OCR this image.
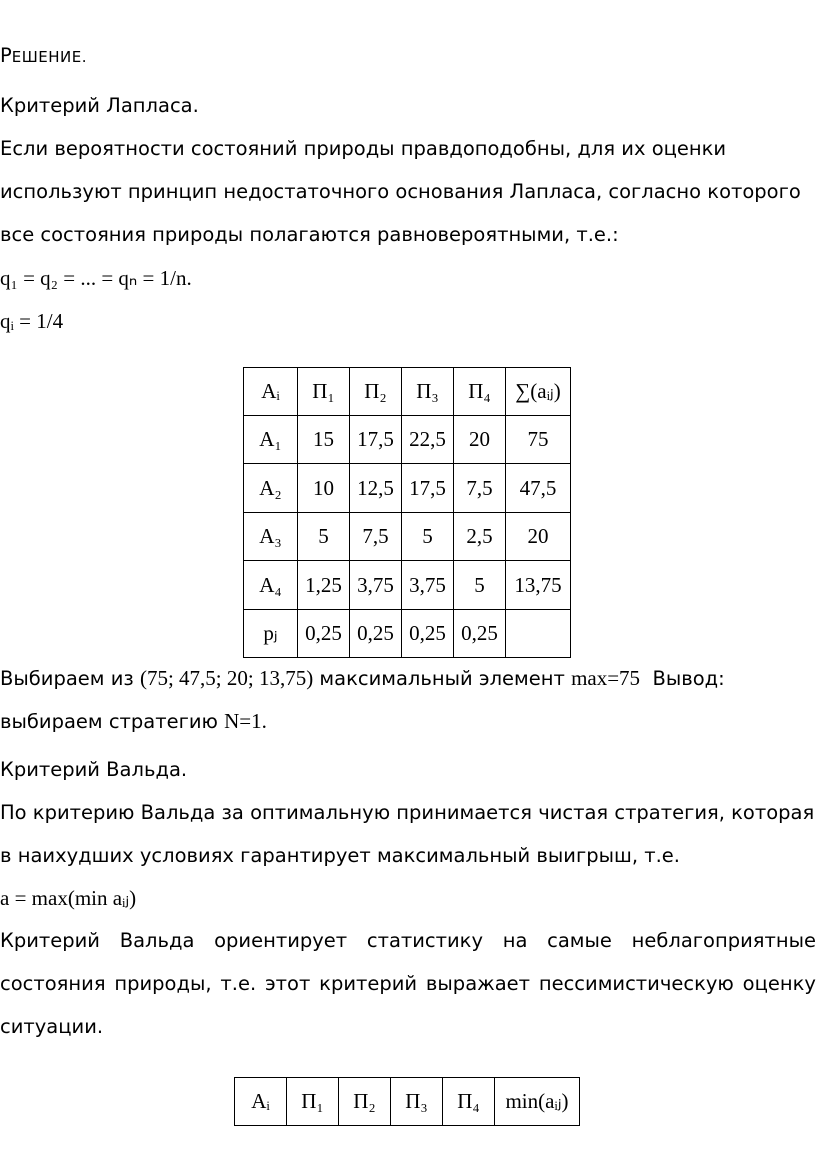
РЕШЕНИЕ.
Критерий Лапласа.
Если вероятности состояний природы правдоподобны, для их оценки
используют принцип недостаточного основания Лапласа, согласно которого
все состояния природы полагаются равновероятными, т.е.:
q₁ = q₂ = ... = qₙ = 1/n.
qᵢ = 1/4
Aᵢ	П₁	П₂	П₃	П₄	∑(aᵢⱼ)
A₁	15	17,5	22,5	20	75
A₂	10	12,5	17,5	7,5	47,5
A₃	5	7,5	5	2,5	20
A₄	1,25	3,75	3,75	5	13,75
pⱼ	0,25	0,25	0,25	0,25	
Выбираем из (75; 47,5; 20; 13,75) максимальный элемент max=75 Вывод:
выбираем стратегию N=1.
Критерий Вальда.
По критерию Вальда за оптимальную принимается чистая стратегия, которая
в наихудших условиях гарантирует максимальный выигрыш, т.е.
a = max(min aᵢⱼ)
Критерий Вальда ориентирует статистику на самые неблагоприятные
состояния природы, т.е. этот критерий выражает пессимистическую оценку
ситуации.
Aᵢ	П₁	П₂	П₃	П₄	min(aᵢⱼ)
